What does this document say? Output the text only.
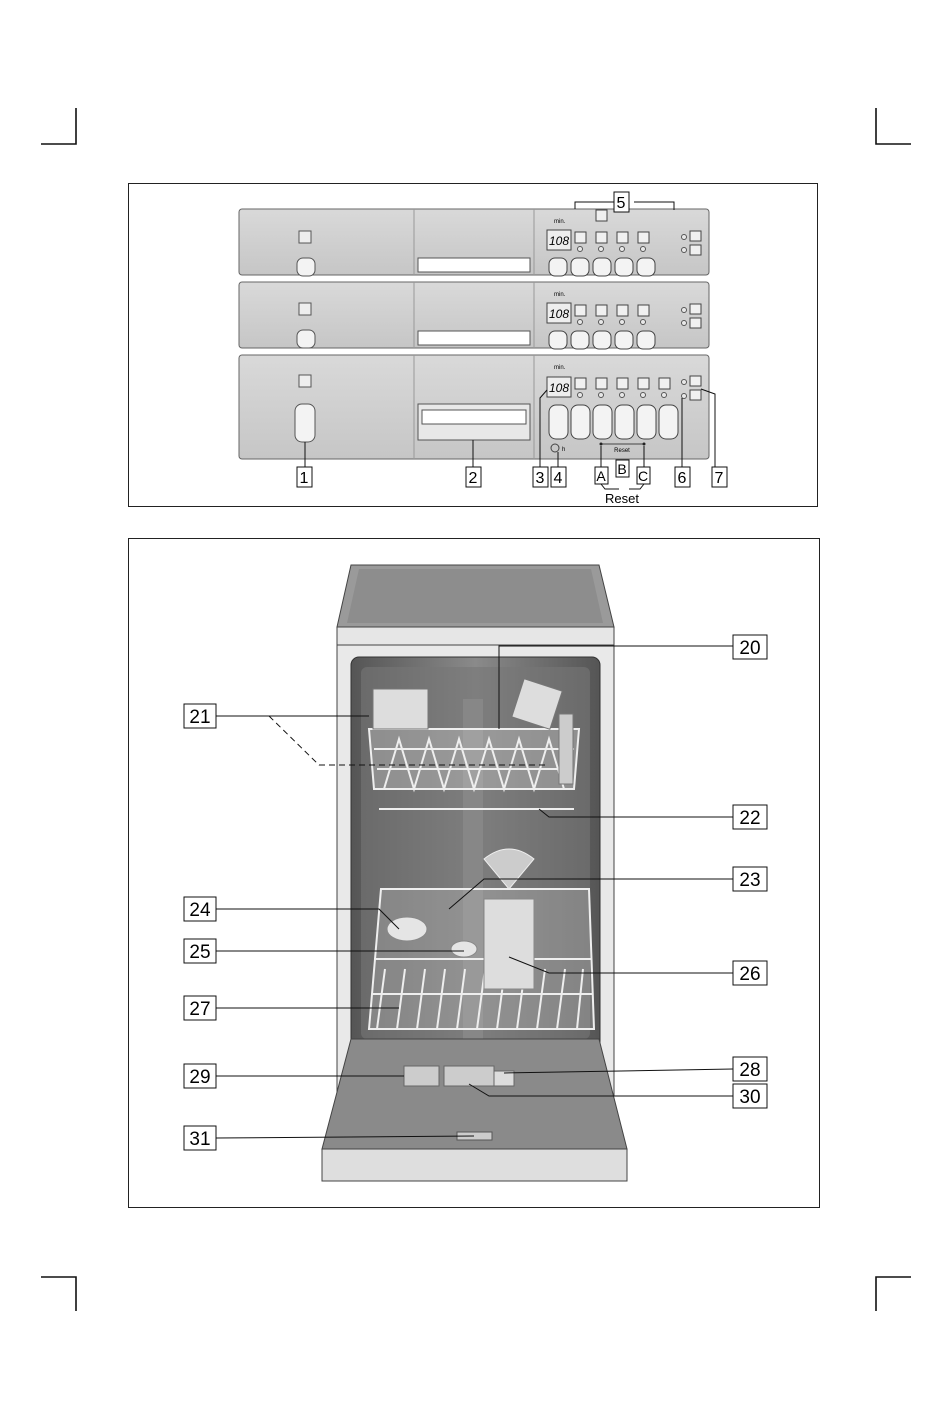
108
min.
108
min.
108
min.
h	Reset
1	2	3 4
5
6 7
A B C
Reset
20
21
22
23
24
25
26
27
28
29
30
31
